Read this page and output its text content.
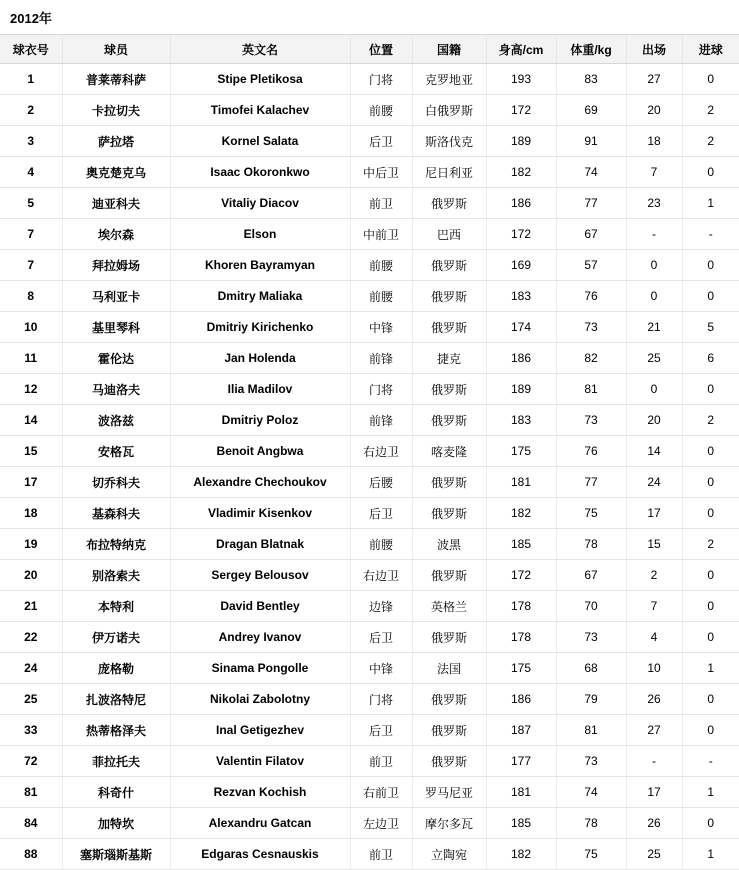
2012年
球衣号	球员	英文名	位置	国籍	身高/cm	体重/kg	出场	进球
1	普莱蒂科萨	Stipe Pletikosa	门将	克罗地亚	193	83	27	0
2	卡拉切夫	Timofei Kalachev	前腰	白俄罗斯	172	69	20	2
3	萨拉塔	Kornel Salata	后卫	斯洛伐克	189	91	18	2
4	奥克楚克乌	Isaac Okoronkwo	中后卫	尼日利亚	182	74	7	0
5	迪亚科夫	Vitaliy Diacov	前卫	俄罗斯	186	77	23	1
7	埃尔森	Elson	中前卫	巴西	172	67	-	-
7	拜拉姆场	Khoren Bayramyan	前腰	俄罗斯	169	57	0	0
8	马利亚卡	Dmitry Maliaka	前腰	俄罗斯	183	76	0	0
10	基里琴科	Dmitriy Kirichenko	中锋	俄罗斯	174	73	21	5
11	霍伦达	Jan Holenda	前锋	捷克	186	82	25	6
12	马迪洛夫	Ilia Madilov	门将	俄罗斯	189	81	0	0
14	波洛兹	Dmitriy Poloz	前锋	俄罗斯	183	73	20	2
15	安格瓦	Benoit Angbwa	右边卫	喀麦隆	175	76	14	0
17	切乔科夫	Alexandre Chechoukov	后腰	俄罗斯	181	77	24	0
18	基森科夫	Vladimir Kisenkov	后卫	俄罗斯	182	75	17	0
19	布拉特纳克	Dragan Blatnak	前腰	波黑	185	78	15	2
20	别洛索夫	Sergey Belousov	右边卫	俄罗斯	172	67	2	0
21	本特利	David Bentley	边锋	英格兰	178	70	7	0
22	伊万诺夫	Andrey Ivanov	后卫	俄罗斯	178	73	4	0
24	庞格勒	Sinama Pongolle	中锋	法国	175	68	10	1
25	扎波洛特尼	Nikolai Zabolotny	门将	俄罗斯	186	79	26	0
33	热蒂格泽夫	Inal Getigezhev	后卫	俄罗斯	187	81	27	0
72	菲拉托夫	Valentin Filatov	前卫	俄罗斯	177	73	-	-
81	科奇什	Rezvan Kochish	右前卫	罗马尼亚	181	74	17	1
84	加特坎	Alexandru Gatcan	左边卫	摩尔多瓦	185	78	26	0
88	塞斯瑙斯基斯	Edgaras Cesnauskis	前卫	立陶宛	182	75	25	1
